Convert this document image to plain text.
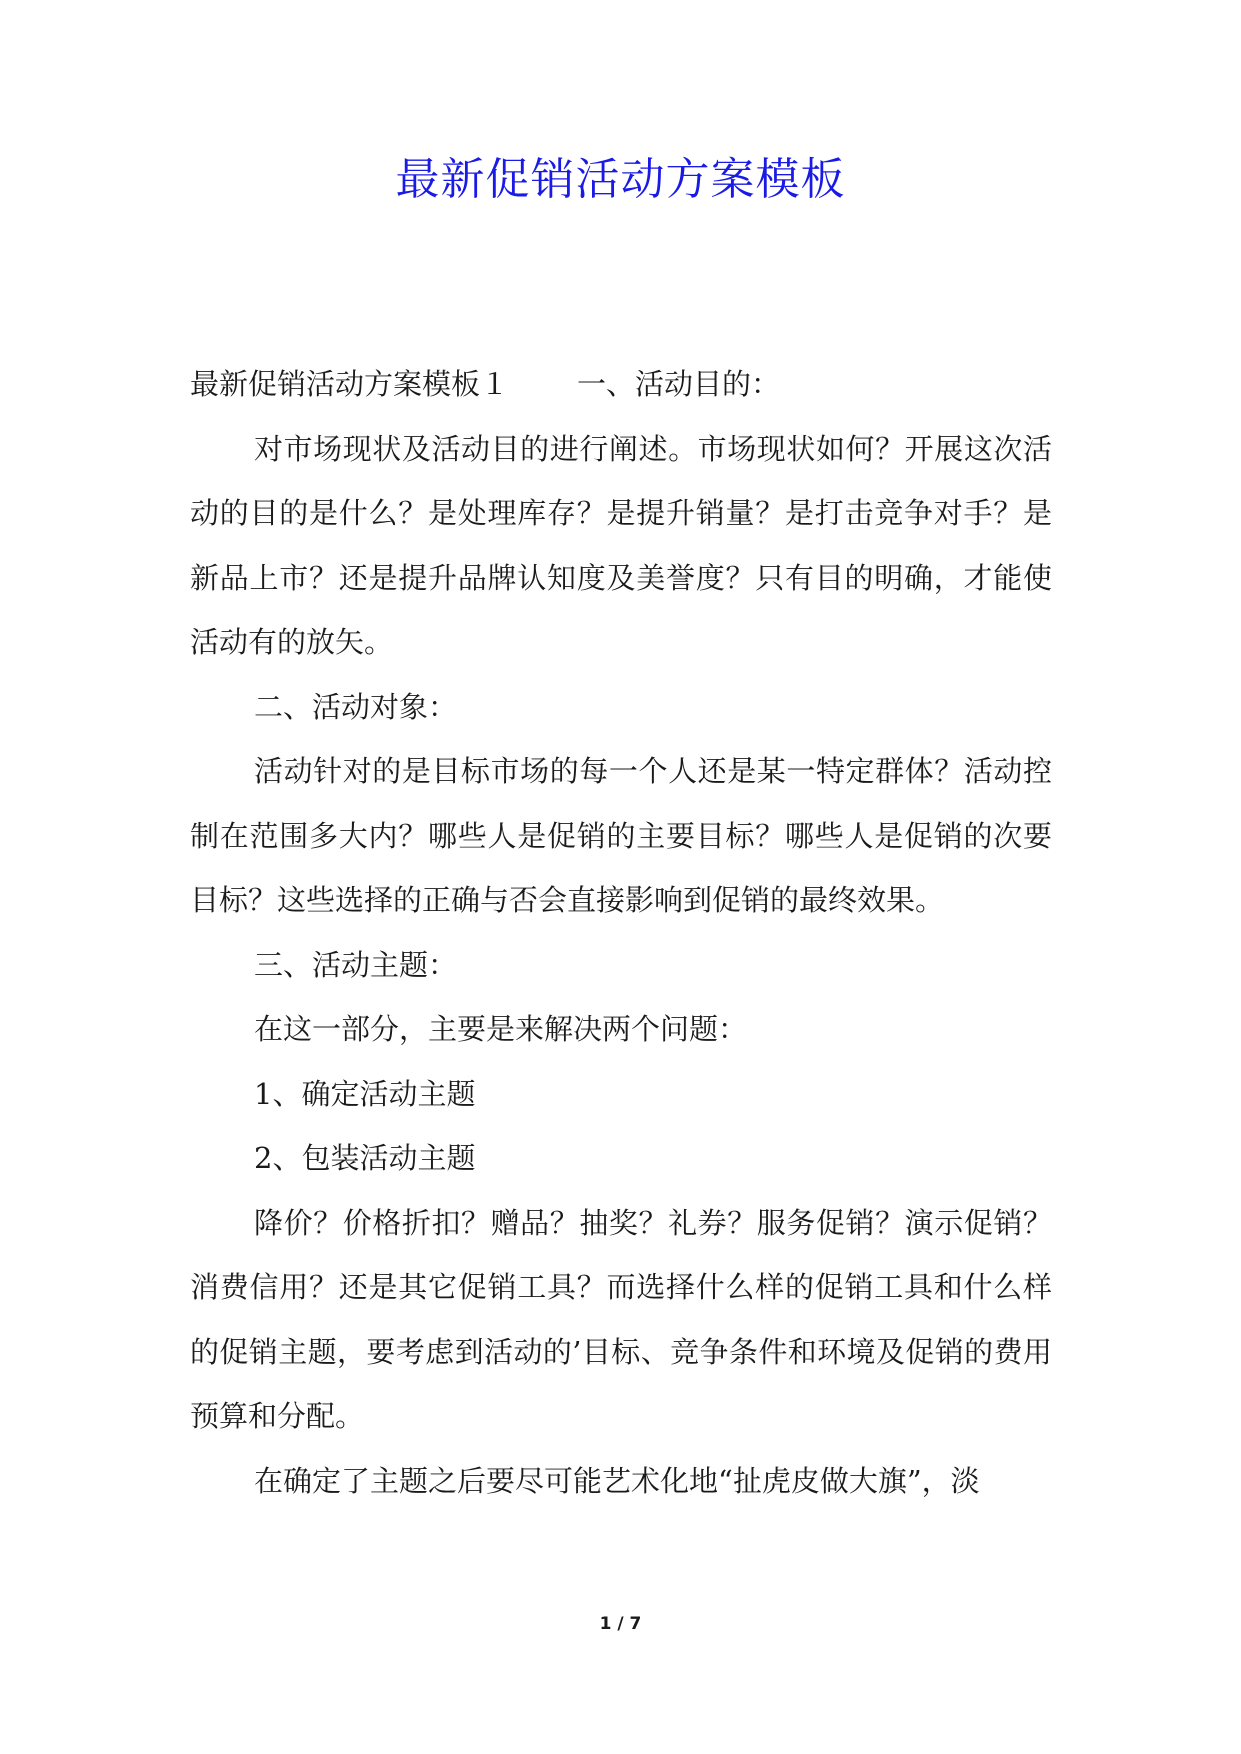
最新促销活动方案模板

最新促销活动方案模板１ 一、活动目的：

对市场现状及活动目的进行阐述。市场现状如何？开展这次活动的目的是什么？是处理库存？是提升销量？是打击竞争对手？是新品上市？还是提升品牌认知度及美誉度？只有目的明确，才能使活动有的放矢。

二、活动对象：

活动针对的是目标市场的每一个人还是某一特定群体？活动控制在范围多大内？哪些人是促销的主要目标？哪些人是促销的次要目标？这些选择的正确与否会直接影响到促销的最终效果。

三、活动主题：

在这一部分，主要是来解决两个问题：

1、确定活动主题

2、包装活动主题

降价？价格折扣？赠品？抽奖？礼券？服务促销？演示促销？消费信用？还是其它促销工具？而选择什么样的促销工具和什么样的促销主题，要考虑到活动的’目标、竞争条件和环境及促销的费用预算和分配。

在确定了主题之后要尽可能艺术化地“扯虎皮做大旗”，淡

1 / 7
